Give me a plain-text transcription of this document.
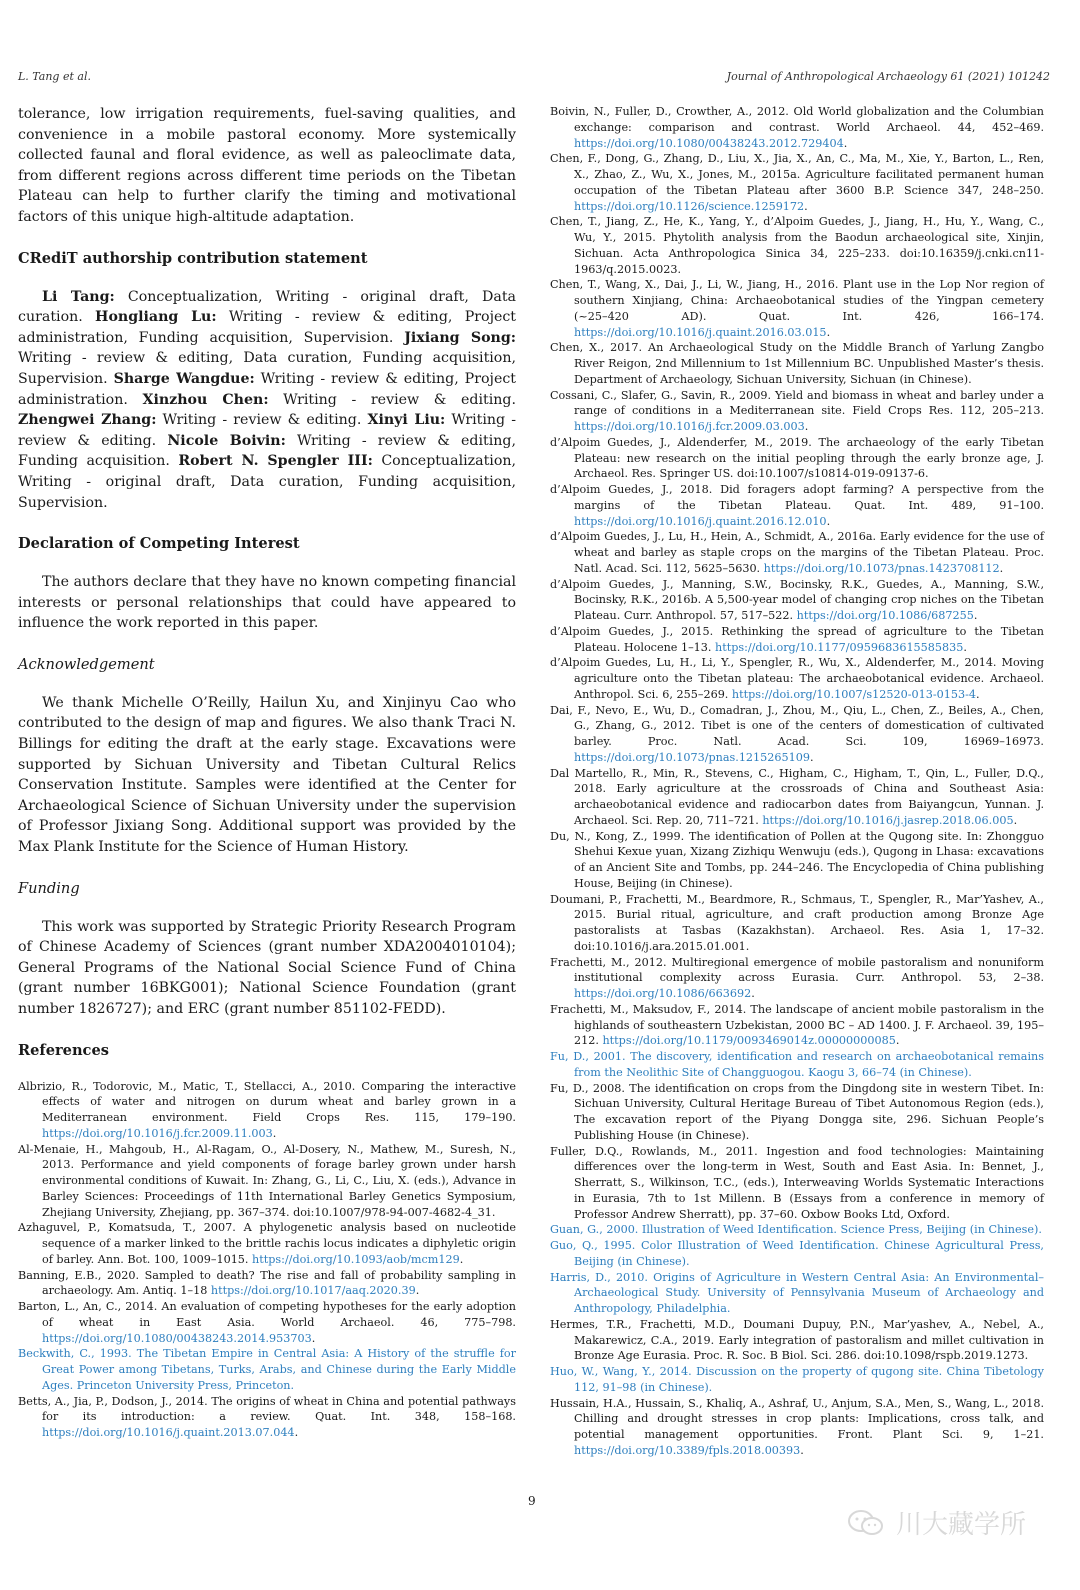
L. Tang et al.	Journal of Anthropological Archaeology 61 (2021) 101242

tolerance, low irrigation requirements, fuel-saving qualities, and convenience in a mobile pastoral economy. More systemically collected faunal and floral evidence, as well as paleoclimate data, from different regions across different time periods on the Tibetan Plateau can help to further clarify the timing and motivational factors of this unique high-altitude adaptation.

CRediT authorship contribution statement

Li Tang: Conceptualization, Writing - original draft, Data curation. Hongliang Lu: Writing - review & editing, Project administration, Funding acquisition, Supervision. Jixiang Song: Writing - review & editing, Data curation, Funding acquisition, Supervision. Sharge Wangdue: Writing - review & editing, Project administration. Xinzhou Chen: Writing - review & editing. Zhengwei Zhang: Writing - review & editing. Xinyi Liu: Writing - review & editing. Nicole Boivin: Writing - review & editing, Funding acquisition. Robert N. Spengler III: Conceptualization, Writing - original draft, Data curation, Funding acquisition, Supervision.

Declaration of Competing Interest

The authors declare that they have no known competing financial interests or personal relationships that could have appeared to influence the work reported in this paper.

Acknowledgement

We thank Michelle O’Reilly, Hailun Xu, and Xinjinyu Cao who contributed to the design of map and figures. We also thank Traci N. Billings for editing the draft at the early stage. Excavations were supported by Sichuan University and Tibetan Cultural Relics Conservation Institute. Samples were identified at the Center for Archaeological Science of Sichuan University under the supervision of Professor Jixiang Song. Additional support was provided by the Max Plank Institute for the Science of Human History.

Funding

This work was supported by Strategic Priority Research Program of Chinese Academy of Sciences (grant number XDA2004010104); General Programs of the National Social Science Fund of China (grant number 16BKG001); National Science Foundation (grant number 1826727); and ERC (grant number 851102-FEDD).

References
Albrizio, R., Todorovic, M., Matic, T., Stellacci, A., 2010. Comparing the interactive effects of water and nitrogen on durum wheat and barley grown in a Mediterranean environment. Field Crops Res. 115, 179–190. https://doi.org/10.1016/j.fcr.2009.11.003.
Al-Menaie, H., Mahgoub, H., Al-Ragam, O., Al-Dosery, N., Mathew, M., Suresh, N., 2013. Performance and yield components of forage barley grown under harsh environmental conditions of Kuwait. In: Zhang, G., Li, C., Liu, X. (eds.), Advance in Barley Sciences: Proceedings of 11th International Barley Genetics Symposium, Zhejiang University, Zhejiang, pp. 367–374. doi:10.1007/978-94-007-4682-4_31.
Azhaguvel, P., Komatsuda, T., 2007. A phylogenetic analysis based on nucleotide sequence of a marker linked to the brittle rachis locus indicates a diphyletic origin of barley. Ann. Bot. 100, 1009–1015. https://doi.org/10.1093/aob/mcm129.
Banning, E.B., 2020. Sampled to death? The rise and fall of probability sampling in archaeology. Am. Antiq. 1–18 https://doi.org/10.1017/aaq.2020.39.
Barton, L., An, C., 2014. An evaluation of competing hypotheses for the early adoption of wheat in East Asia. World Archaeol. 46, 775–798. https://doi.org/10.1080/00438243.2014.953703.
Beckwith, C., 1993. The Tibetan Empire in Central Asia: A History of the struffle for Great Power among Tibetans, Turks, Arabs, and Chinese during the Early Middle Ages. Princeton University Press, Princeton.
Betts, A., Jia, P., Dodson, J., 2014. The origins of wheat in China and potential pathways for its introduction: a review. Quat. Int. 348, 158–168. https://doi.org/10.1016/j.quaint.2013.07.044.
Boivin, N., Fuller, D., Crowther, A., 2012. Old World globalization and the Columbian exchange: comparison and contrast. World Archaeol. 44, 452–469. https://doi.org/10.1080/00438243.2012.729404.
Chen, F., Dong, G., Zhang, D., Liu, X., Jia, X., An, C., Ma, M., Xie, Y., Barton, L., Ren, X., Zhao, Z., Wu, X., Jones, M., 2015a. Agriculture facilitated permanent human occupation of the Tibetan Plateau after 3600 B.P. Science 347, 248–250. https://doi.org/10.1126/science.1259172.
Chen, T., Jiang, Z., He, K., Yang, Y., d’Alpoim Guedes, J., Jiang, H., Hu, Y., Wang, C., Wu, Y., 2015. Phytolith analysis from the Baodun archaeological site, Xinjin, Sichuan. Acta Anthropologica Sinica 34, 225–233. doi:10.16359/j.cnki.cn11-1963/q.2015.0023.
Chen, T., Wang, X., Dai, J., Li, W., Jiang, H., 2016. Plant use in the Lop Nor region of southern Xinjiang, China: Archaeobotanical studies of the Yingpan cemetery (~25–420 AD). Quat. Int. 426, 166–174. https://doi.org/10.1016/j.quaint.2016.03.015.
Chen, X., 2017. An Archaeological Study on the Middle Branch of Yarlung Zangbo River Reigon, 2nd Millennium to 1st Millennium BC. Unpublished Master’s thesis. Department of Archaeology, Sichuan University, Sichuan (in Chinese).
Cossani, C., Slafer, G., Savin, R., 2009. Yield and biomass in wheat and barley under a range of conditions in a Mediterranean site. Field Crops Res. 112, 205–213. https://doi.org/10.1016/j.fcr.2009.03.003.
d’Alpoim Guedes, J., Aldenderfer, M., 2019. The archaeology of the early Tibetan Plateau: new research on the initial peopling through the early bronze age, J. Archaeol. Res. Springer US. doi:10.1007/s10814-019-09137-6.
d’Alpoim Guedes, J., 2018. Did foragers adopt farming? A perspective from the margins of the Tibetan Plateau. Quat. Int. 489, 91–100. https://doi.org/10.1016/j.quaint.2016.12.010.
d’Alpoim Guedes, J., Lu, H., Hein, A., Schmidt, A., 2016a. Early evidence for the use of wheat and barley as staple crops on the margins of the Tibetan Plateau. Proc. Natl. Acad. Sci. 112, 5625–5630. https://doi.org/10.1073/pnas.1423708112.
d’Alpoim Guedes, J., Manning, S.W., Bocinsky, R.K., Guedes, A., Manning, S.W., Bocinsky, R.K., 2016b. A 5,500-year model of changing crop niches on the Tibetan Plateau. Curr. Anthropol. 57, 517–522. https://doi.org/10.1086/687255.
d’Alpoim Guedes, J., 2015. Rethinking the spread of agriculture to the Tibetan Plateau. Holocene 1–13. https://doi.org/10.1177/0959683615585835.
d’Alpoim Guedes, Lu, H., Li, Y., Spengler, R., Wu, X., Aldenderfer, M., 2014. Moving agriculture onto the Tibetan plateau: The archaeobotanical evidence. Archaeol. Anthropol. Sci. 6, 255–269. https://doi.org/10.1007/s12520-013-0153-4.
Dai, F., Nevo, E., Wu, D., Comadran, J., Zhou, M., Qiu, L., Chen, Z., Beiles, A., Chen, G., Zhang, G., 2012. Tibet is one of the centers of domestication of cultivated barley. Proc. Natl. Acad. Sci. 109, 16969–16973. https://doi.org/10.1073/pnas.1215265109.
Dal Martello, R., Min, R., Stevens, C., Higham, C., Higham, T., Qin, L., Fuller, D.Q., 2018. Early agriculture at the crossroads of China and Southeast Asia: archaeobotanical evidence and radiocarbon dates from Baiyangcun, Yunnan. J. Archaeol. Sci. Rep. 20, 711–721. https://doi.org/10.1016/j.jasrep.2018.06.005.
Du, N., Kong, Z., 1999. The identification of Pollen at the Qugong site. In: Zhongguo Shehui Kexue yuan, Xizang Zizhiqu Wenwuju (eds.), Qugong in Lhasa: excavations of an Ancient Site and Tombs, pp. 244–246. The Encyclopedia of China publishing House, Beijing (in Chinese).
Doumani, P., Frachetti, M., Beardmore, R., Schmaus, T., Spengler, R., Mar’Yashev, A., 2015. Burial ritual, agriculture, and craft production among Bronze Age pastoralists at Tasbas (Kazakhstan). Archaeol. Res. Asia 1, 17–32. doi:10.1016/j.ara.2015.01.001.
Frachetti, M., 2012. Multiregional emergence of mobile pastoralism and nonuniform institutional complexity across Eurasia. Curr. Anthropol. 53, 2–38. https://doi.org/10.1086/663692.
Frachetti, M., Maksudov, F., 2014. The landscape of ancient mobile pastoralism in the highlands of southeastern Uzbekistan, 2000 BC – AD 1400. J. F. Archaeol. 39, 195–212. https://doi.org/10.1179/0093469014z.00000000085.
Fu, D., 2001. The discovery, identification and research on archaeobotanical remains from the Neolithic Site of Changguogou. Kaogu 3, 66–74 (in Chinese).
Fu, D., 2008. The identification on crops from the Dingdong site in western Tibet. In: Sichuan University, Cultural Heritage Bureau of Tibet Autonomous Region (eds.), The excavation report of the Piyang Dongga site, 296. Sichuan People’s Publishing House (in Chinese).
Fuller, D.Q., Rowlands, M., 2011. Ingestion and food technologies: Maintaining differences over the long-term in West, South and East Asia. In: Bennet, J., Sherratt, S., Wilkinson, T.C., (eds.), Interweaving Worlds Systematic Interactions in Eurasia, 7th to 1st Millenn. B (Essays from a conference in memory of Professor Andrew Sherratt), pp. 37–60. Oxbow Books Ltd, Oxford.
Guan, G., 2000. Illustration of Weed Identification. Science Press, Beijing (in Chinese).
Guo, Q., 1995. Color Illustration of Weed Identification. Chinese Agricultural Press, Beijing (in Chinese).
Harris, D., 2010. Origins of Agriculture in Western Central Asia: An Environmental–Archaeological Study. University of Pennsylvania Museum of Archaeology and Anthropology, Philadelphia.
Hermes, T.R., Frachetti, M.D., Doumani Dupuy, P.N., Mar’yashev, A., Nebel, A., Makarewicz, C.A., 2019. Early integration of pastoralism and millet cultivation in Bronze Age Eurasia. Proc. R. Soc. B Biol. Sci. 286. doi:10.1098/rspb.2019.1273.
Huo, W., Wang, Y., 2014. Discussion on the property of qugong site. China Tibetology 112, 91–98 (in Chinese).
Hussain, H.A., Hussain, S., Khaliq, A., Ashraf, U., Anjum, S.A., Men, S., Wang, L., 2018. Chilling and drought stresses in crop plants: Implications, cross talk, and potential management opportunities. Front. Plant Sci. 9, 1–21. https://doi.org/10.3389/fpls.2018.00393.
9
川大藏学所
